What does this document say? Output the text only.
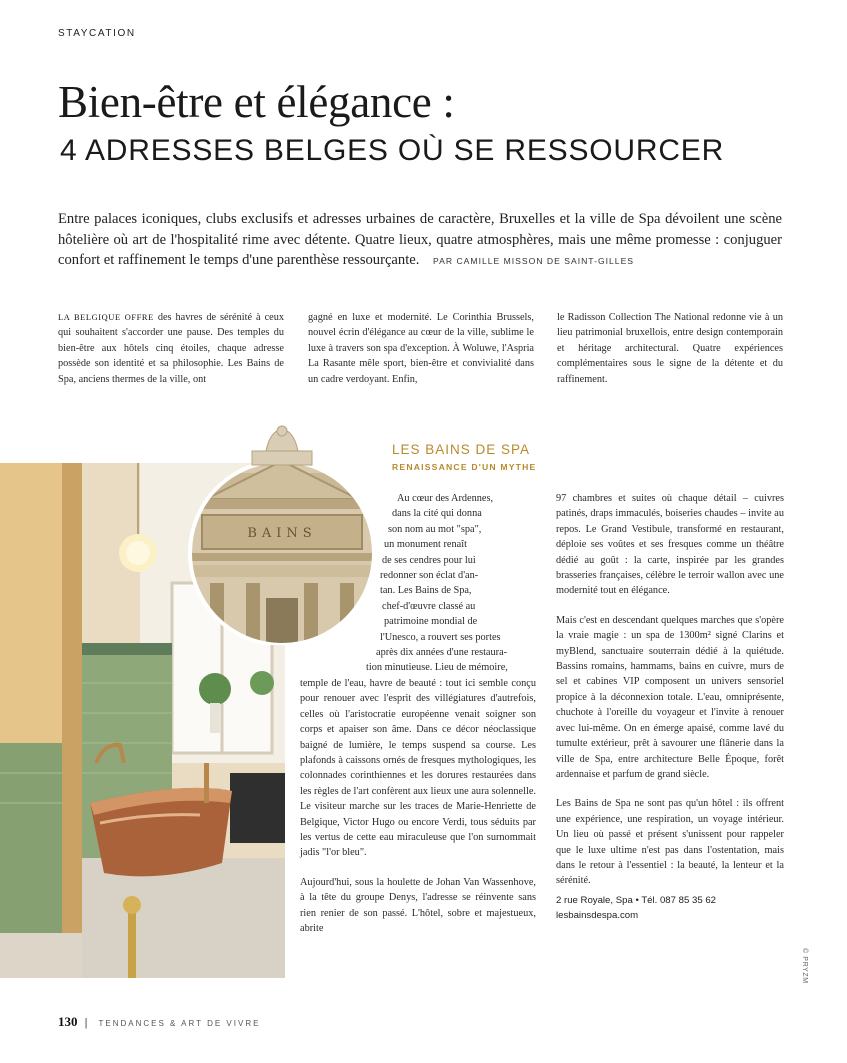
STAYCATION
Bien-être et élégance :
4 ADRESSES BELGES OÙ SE RESSOURCER
Entre palaces iconiques, clubs exclusifs et adresses urbaines de caractère, Bruxelles et la ville de Spa dévoilent une scène hôtelière où art de l'hospitalité rime avec détente. Quatre lieux, quatre atmosphères, mais une même promesse : conjuguer confort et raffinement le temps d'une parenthèse ressourçante. PAR CAMILLE MISSON DE SAINT-GILLES
LA BELGIQUE OFFRE des havres de sérénité à ceux qui souhaitent s'accorder une pause. Des temples du bien-être aux hôtels cinq étoiles, chaque adresse possède son identité et sa philosophie. Les Bains de Spa, anciens thermes de la ville, ont
gagné en luxe et modernité. Le Corinthia Brussels, nouvel écrin d'élégance au cœur de la ville, sublime le luxe à travers son spa d'exception. À Woluwe, l'Aspria La Rasante mêle sport, bien-être et convivialité dans un cadre verdoyant. Enfin,
le Radisson Collection The National redonne vie à un lieu patrimonial bruxellois, entre design contemporain et héritage architectural. Quatre expériences complémentaires sous le signe de la détente et du raffinement.
BAINS
LES BAINS DE SPA
RENAISSANCE D'UN MYTHE
Au cœur des Ardennes,
dans la cité qui donna
son nom au mot "spa",
un monument renaît
de ses cendres pour lui
redonner son éclat d'an-
tan. Les Bains de Spa,
chef-d'œuvre classé au
patrimoine mondial de
l'Unesco, a rouvert ses portes
après dix années d'une restaura-
tion minutieuse. Lieu de mémoire,

temple de l'eau, havre de beauté : tout ici semble conçu pour renouer avec l'esprit des villégiatures d'autrefois, celles où l'aristocratie européenne venait soigner son corps et apaiser son âme. Dans ce décor néoclassique baigné de lumière, le temps suspend sa course. Les plafonds à caissons ornés de fresques mythologiques, les colonnades corinthiennes et les dorures restaurées dans les règles de l'art confèrent aux lieux une aura solennelle. Le visiteur marche sur les traces de Marie-Henriette de Belgique, Victor Hugo ou encore Verdi, tous séduits par les vertus de cette eau miraculeuse que l'on surnommait jadis "l'or bleu".

Aujourd'hui, sous la houlette de Johan Van Wassenhove, à la tête du groupe Denys, l'adresse se réinvente sans rien renier de son passé. L'hôtel, sobre et majestueux, abrite

97 chambres et suites où chaque détail – cuivres patinés, draps immaculés, boiseries chaudes – invite au repos. Le Grand Vestibule, transformé en restaurant, déploie ses voûtes et ses fresques comme un théâtre dédié au goût : la carte, inspirée par les grandes brasseries françaises, célèbre le terroir wallon avec une modernité tout en élégance.

Mais c'est en descendant quelques marches que s'opère la vraie magie : un spa de 1300m² signé Clarins et myBlend, sanctuaire souterrain dédié à la quiétude. Bassins romains, hammams, bains en cuivre, murs de sel et cabines VIP composent un univers sensoriel propice à la déconnexion totale. L'eau, omniprésente, chuchote à l'oreille du voyageur et l'invite à renouer avec lui-même. On en émerge apaisé, comme lavé du tumulte extérieur, prêt à savourer une flânerie dans la ville de Spa, entre architecture Belle Époque, forêt ardennaise et parfum de grand siècle.

Les Bains de Spa ne sont pas qu'un hôtel : ils offrent une expérience, une respiration, un voyage intérieur. Un lieu où passé et présent s'unissent pour rappeler que le luxe ultime n'est pas dans l'ostentation, mais dans le retour à l'essentiel : la beauté, la lenteur et la sérénité.

2 rue Royale, Spa • Tél. 087 85 35 62
lesbainsdespa.com
© PRYZM
130 | TENDANCES & ART DE VIVRE
